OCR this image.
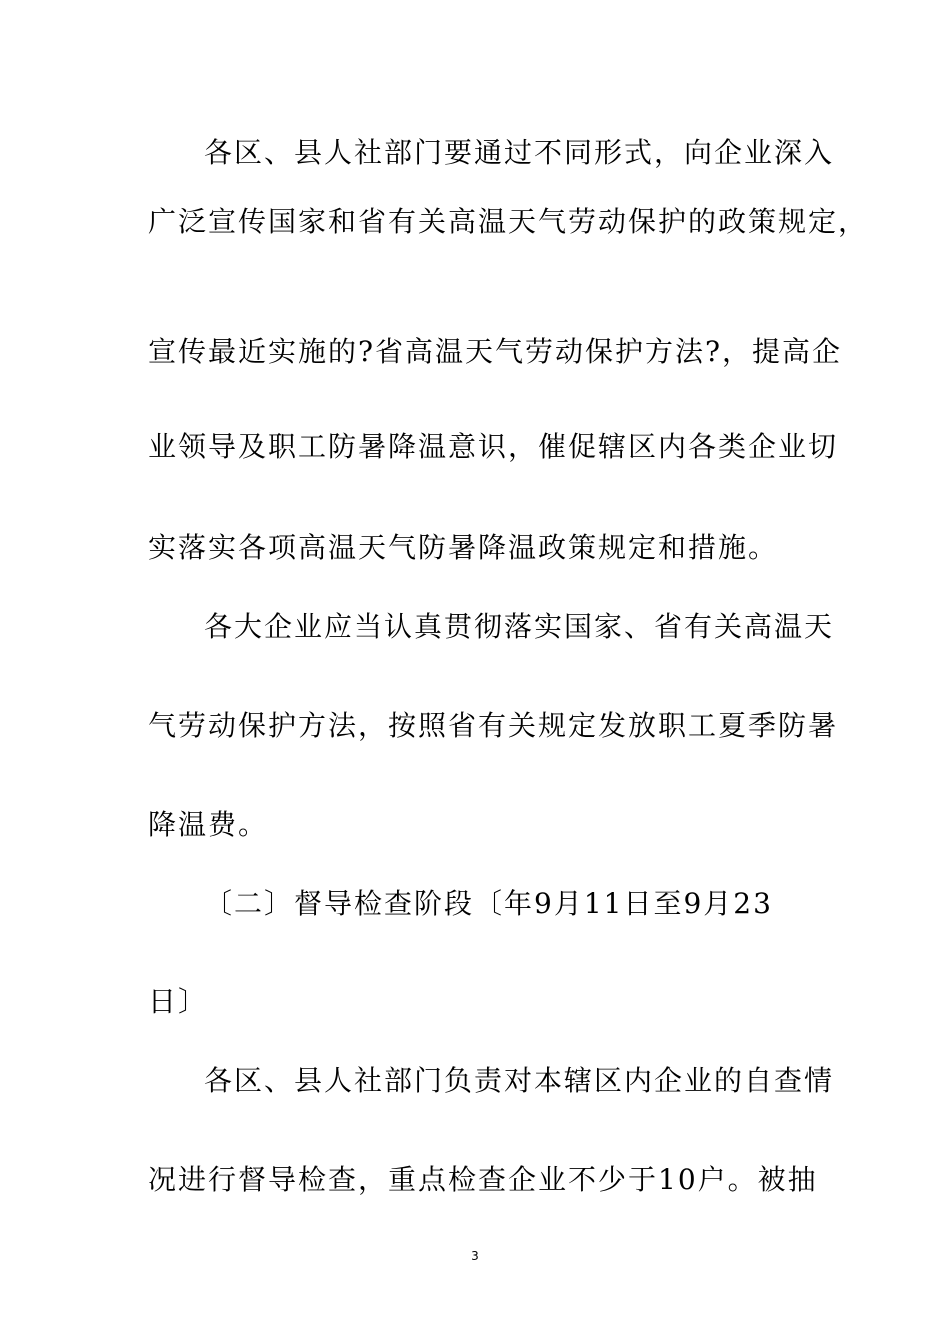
各区、县人社部门要通过不同形式，向企业深入
广泛宣传国家和省有关高温天气劳动保护的政策规定，
宣传最近实施的?省高温天气劳动保护方法?，提高企
业领导及职工防暑降温意识，催促辖区内各类企业切
实落实各项高温天气防暑降温政策规定和措施。
各大企业应当认真贯彻落实国家、省有关高温天
气劳动保护方法，按照省有关规定发放职工夏季防暑
降温费。
〔二〕督导检查阶段〔年9月11日至9月23
日〕
各区、县人社部门负责对本辖区内企业的自查情
况进行督导检查，重点检查企业不少于10户。被抽
3
